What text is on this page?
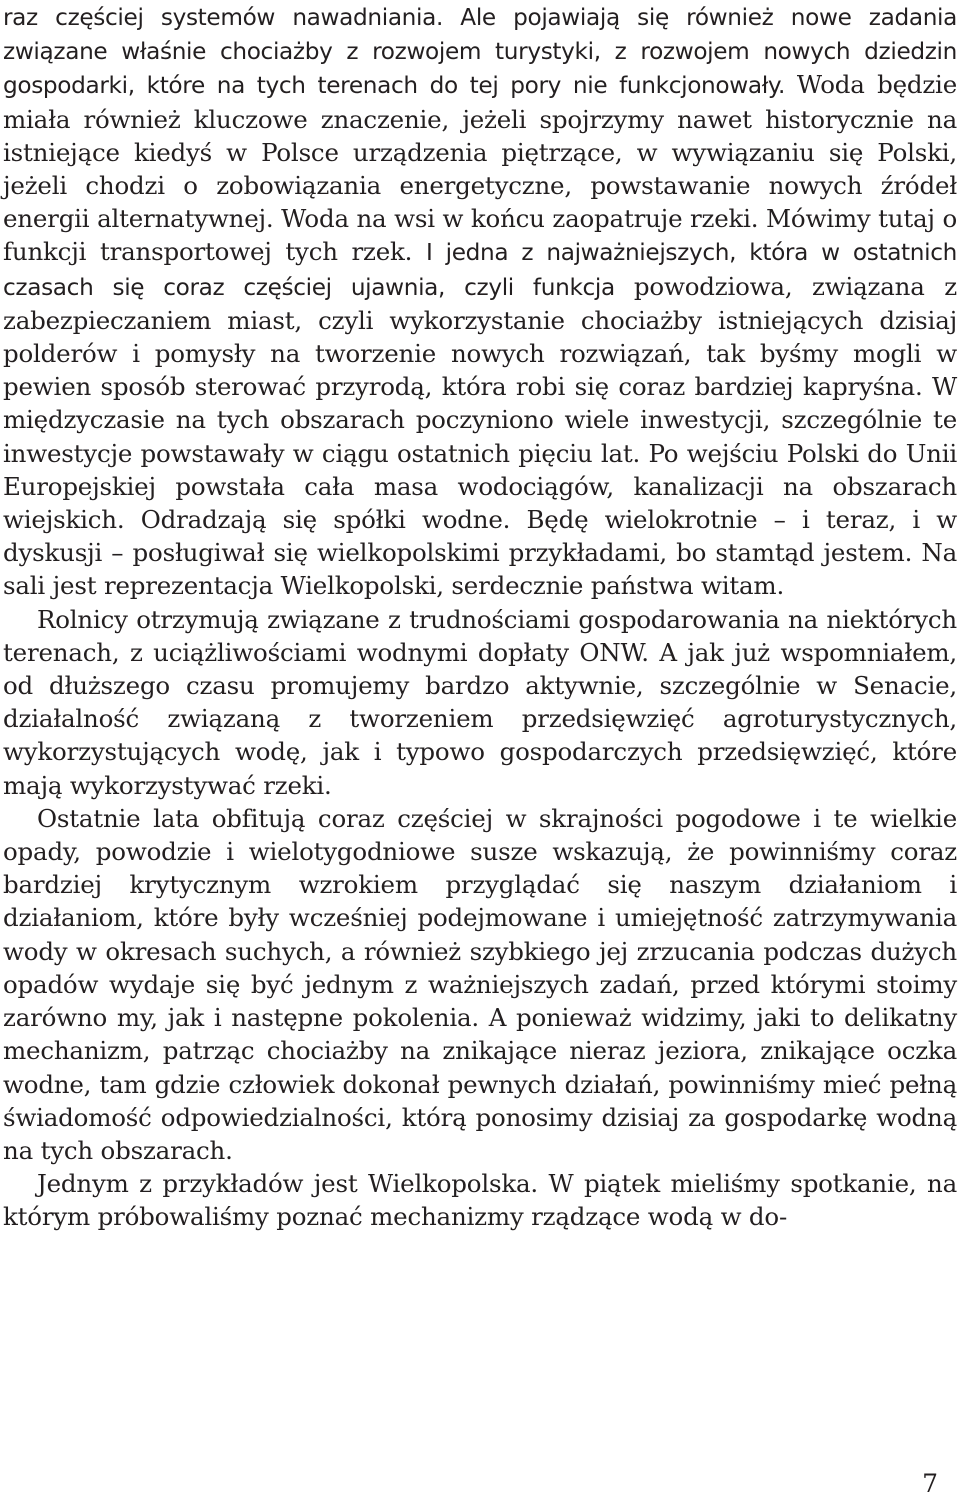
raz częściej systemów nawadniania. Ale pojawiają się również nowe zadania związane właśnie chociażby z rozwojem turystyki, z rozwojem nowych dziedzin gospodarki, które na tych terenach do tej pory nie funkcjonowały. Woda będzie miała również kluczowe znaczenie, jeżeli spojrzymy nawet historycznie na istniejące kiedyś w Polsce urządzenia piętrzące, w wywiązaniu się Polski, jeżeli chodzi o zobowiązania energetyczne, powstawanie nowych źródeł energii alternatywnej. Woda na wsi w końcu zaopatruje rzeki. Mówimy tutaj o funkcji transportowej tych rzek. I jedna z najważniejszych, która w ostatnich czasach się coraz częściej ujawnia, czyli funkcja powodziowa, związana z zabezpieczaniem miast, czyli wykorzystanie chociażby istniejących dzisiaj polderów i pomysły na tworzenie nowych rozwiązań, tak byśmy mogli w pewien sposób sterować przyrodą, która robi się coraz bardziej kapryśna. W międzyczasie na tych obszarach poczyniono wiele inwestycji, szczególnie te inwestycje powstawały w ciągu ostatnich pięciu lat. Po wejściu Polski do Unii Europejskiej powstała cała masa wodociągów, kanalizacji na obszarach wiejskich. Odradzają się spółki wodne. Będę wielokrotnie – i teraz, i w dyskusji – posługiwał się wielkopolskimi przykładami, bo stamtąd jestem. Na sali jest reprezentacja Wielkopolski, serdecznie państwa witam.

Rolnicy otrzymują związane z trudnościami gospodarowania na niektórych terenach, z uciążliwościami wodnymi dopłaty ONW. A jak już wspomniałem, od dłuższego czasu promujemy bardzo aktywnie, szczególnie w Senacie, działalność związaną z tworzeniem przedsięwzięć agroturystycznych, wykorzystujących wodę, jak i typowo gospodarczych przedsięwzięć, które mają wykorzystywać rzeki.

Ostatnie lata obfitują coraz częściej w skrajności pogodowe i te wielkie opady, powodzie i wielotygodniowe susze wskazują, że powinniśmy coraz bardziej krytycznym wzrokiem przyglądać się naszym działaniom i działaniom, które były wcześniej podejmowane i umiejętność zatrzymywania wody w okresach suchych, a również szybkiego jej zrzucania podczas dużych opadów wydaje się być jednym z ważniejszych zadań, przed którymi stoimy zarówno my, jak i następne pokolenia. A ponieważ widzimy, jaki to delikatny mechanizm, patrząc chociażby na znikające nieraz jeziora, znikające oczka wodne, tam gdzie człowiek dokonał pewnych działań, powinniśmy mieć pełną świadomość odpowiedzialności, którą ponosimy dzisiaj za gospodarkę wodną na tych obszarach.

Jednym z przykładów jest Wielkopolska. W piątek mieliśmy spotkanie, na którym próbowaliśmy poznać mechanizmy rządzące wodą w do-

7
